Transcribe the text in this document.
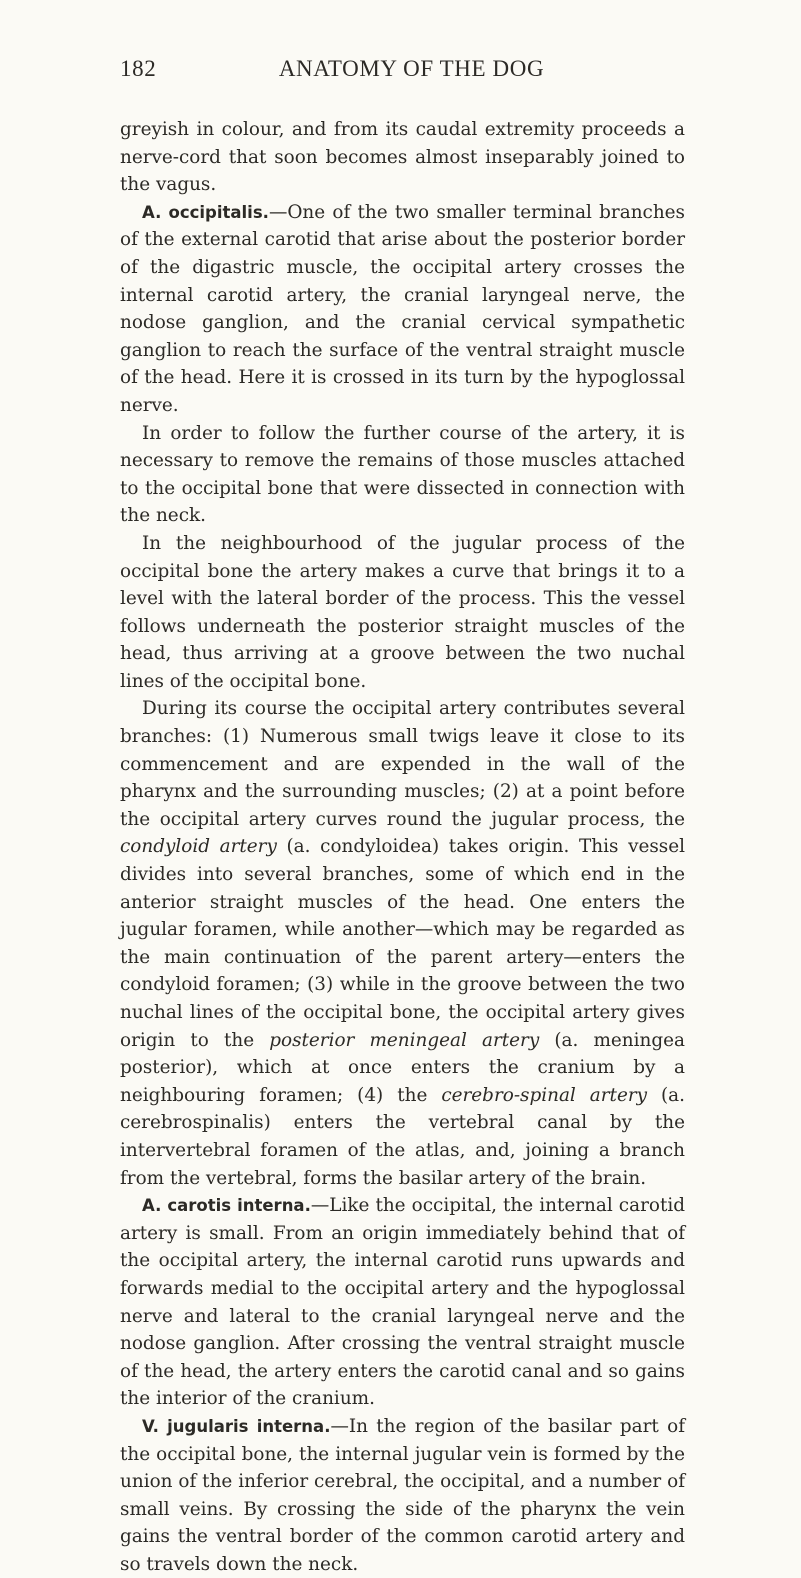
182	ANATOMY OF THE DOG

greyish in colour, and from its caudal extremity proceeds a nerve-cord that soon becomes almost inseparably joined to the vagus.

A. occipitalis.—One of the two smaller terminal branches of the external carotid that arise about the posterior border of the digastric muscle, the occipital artery crosses the internal carotid artery, the cranial laryngeal nerve, the nodose ganglion, and the cranial cervical sympathetic ganglion to reach the surface of the ventral straight muscle of the head. Here it is crossed in its turn by the hypoglossal nerve.

In order to follow the further course of the artery, it is necessary to remove the remains of those muscles attached to the occipital bone that were dissected in connection with the neck.

In the neighbourhood of the jugular process of the occipital bone the artery makes a curve that brings it to a level with the lateral border of the process. This the vessel follows underneath the posterior straight muscles of the head, thus arriving at a groove between the two nuchal lines of the occipital bone.

During its course the occipital artery contributes several branches: (1) Numerous small twigs leave it close to its commencement and are expended in the wall of the pharynx and the surrounding muscles; (2) at a point before the occipital artery curves round the jugular process, the condyloid artery (a. condyloidea) takes origin. This vessel divides into several branches, some of which end in the anterior straight muscles of the head. One enters the jugular foramen, while another—which may be regarded as the main continuation of the parent artery—enters the condyloid foramen; (3) while in the groove between the two nuchal lines of the occipital bone, the occipital artery gives origin to the posterior meningeal artery (a. meningea posterior), which at once enters the cranium by a neighbouring foramen; (4) the cerebro-spinal artery (a. cerebrospinalis) enters the vertebral canal by the intervertebral foramen of the atlas, and, joining a branch from the vertebral, forms the basilar artery of the brain.

A. carotis interna.—Like the occipital, the internal carotid artery is small. From an origin immediately behind that of the occipital artery, the internal carotid runs upwards and forwards medial to the occipital artery and the hypoglossal nerve and lateral to the cranial laryngeal nerve and the nodose ganglion. After crossing the ventral straight muscle of the head, the artery enters the carotid canal and so gains the interior of the cranium.

V. jugularis interna.—In the region of the basilar part of the occipital bone, the internal jugular vein is formed by the union of the inferior cerebral, the occipital, and a number of small veins. By crossing the side of the pharynx the vein gains the ventral border of the common carotid artery and so travels down the neck.
